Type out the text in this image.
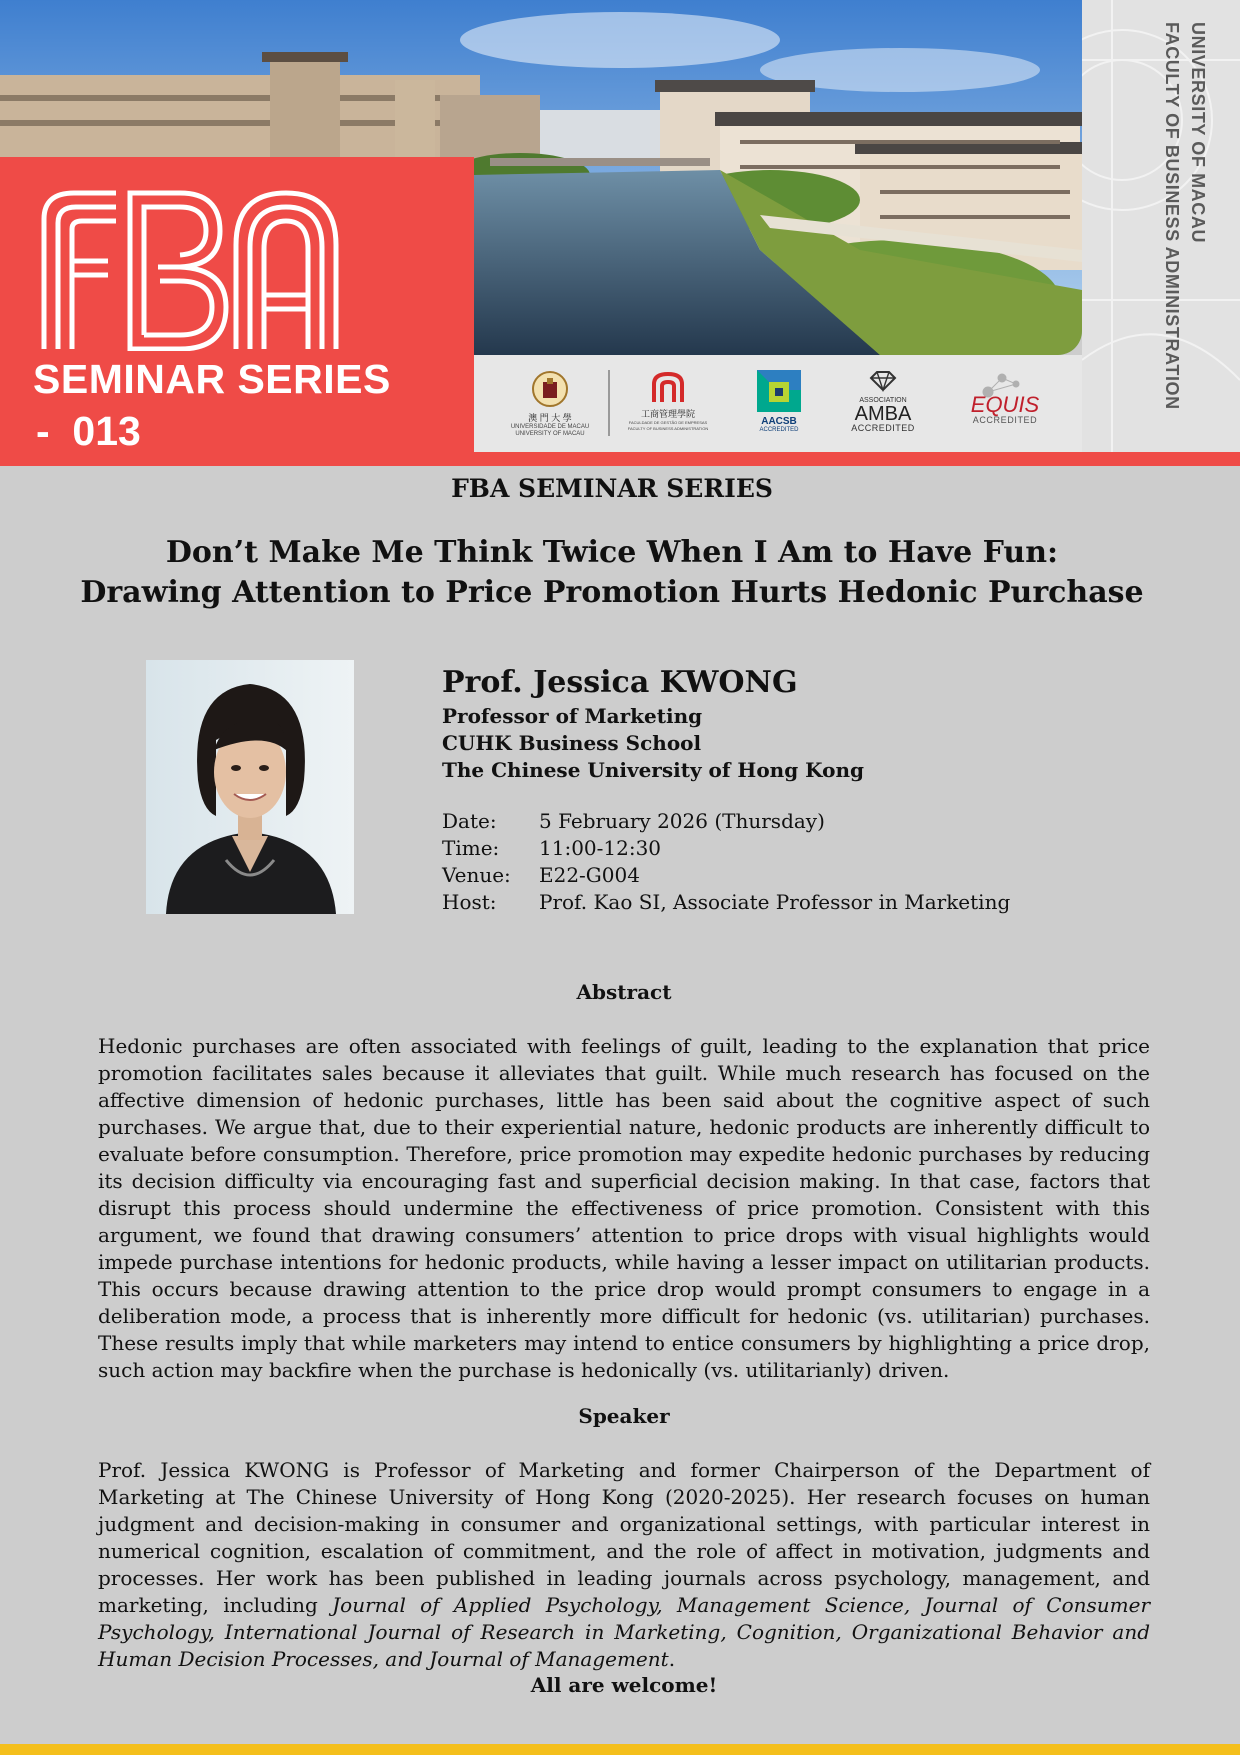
SEMINAR SERIES
-  013	澳 門 大 學
UNIVERSIDADE DE MACAU
UNIVERSITY OF MACAU
工商管理學院
FACULDADE DE GESTÃO DE EMPRESAS
FACULTY OF BUSINESS ADMINISTRATION
AACSB
ACCREDITED
ASSOCIATION
AMBA
ACCREDITED
EQUIS
ACCREDITED
UNIVERSITY OF MACAU
FACULTY OF BUSINESS ADMINISTRATION
FBA SEMINAR SERIES
Don’t Make Me Think Twice When I Am to Have Fun:
Drawing Attention to Price Promotion Hurts Hedonic Purchase
Prof. Jessica KWONG
Professor of Marketing
CUHK Business School
The Chinese University of Hong Kong
Date: 5 February 2026 (Thursday)
Time: 11:00-12:30
Venue: E22-G004
Host: Prof. Kao SI, Associate Professor in Marketing
Abstract
Hedonic purchases are often associated with feelings of guilt, leading to the explanation that price promotion facilitates sales because it alleviates that guilt. While much research has focused on the affective dimension of hedonic purchases, little has been said about the cognitive aspect of such purchases. We argue that, due to their experiential nature, hedonic products are inherently difficult to evaluate before consumption. Therefore, price promotion may expedite hedonic purchases by reducing its decision difficulty via encouraging fast and superficial decision making. In that case, factors that disrupt this process should undermine the effectiveness of price promotion. Consistent with this argument, we found that drawing consumers’ attention to price drops with visual highlights would impede purchase intentions for hedonic products, while having a lesser impact on utilitarian products. This occurs because drawing attention to the price drop would prompt consumers to engage in a deliberation mode, a process that is inherently more difficult for hedonic (vs. utilitarian) purchases. These results imply that while marketers may intend to entice consumers by highlighting a price drop, such action may backfire when the purchase is hedonically (vs. utilitarianly) driven.
Speaker
Prof. Jessica KWONG is Professor of Marketing and former Chairperson of the Department of Marketing at The Chinese University of Hong Kong (2020-2025). Her research focuses on human judgment and decision-making in consumer and organizational settings, with particular interest in numerical cognition, escalation of commitment, and the role of affect in motivation, judgments and processes. Her work has been published in leading journals across psychology, management, and marketing, including Journal of Applied Psychology, Management Science, Journal of Consumer Psychology, International Journal of Research in Marketing, Cognition, Organizational Behavior and Human Decision Processes, and Journal of Management.
All are welcome!
